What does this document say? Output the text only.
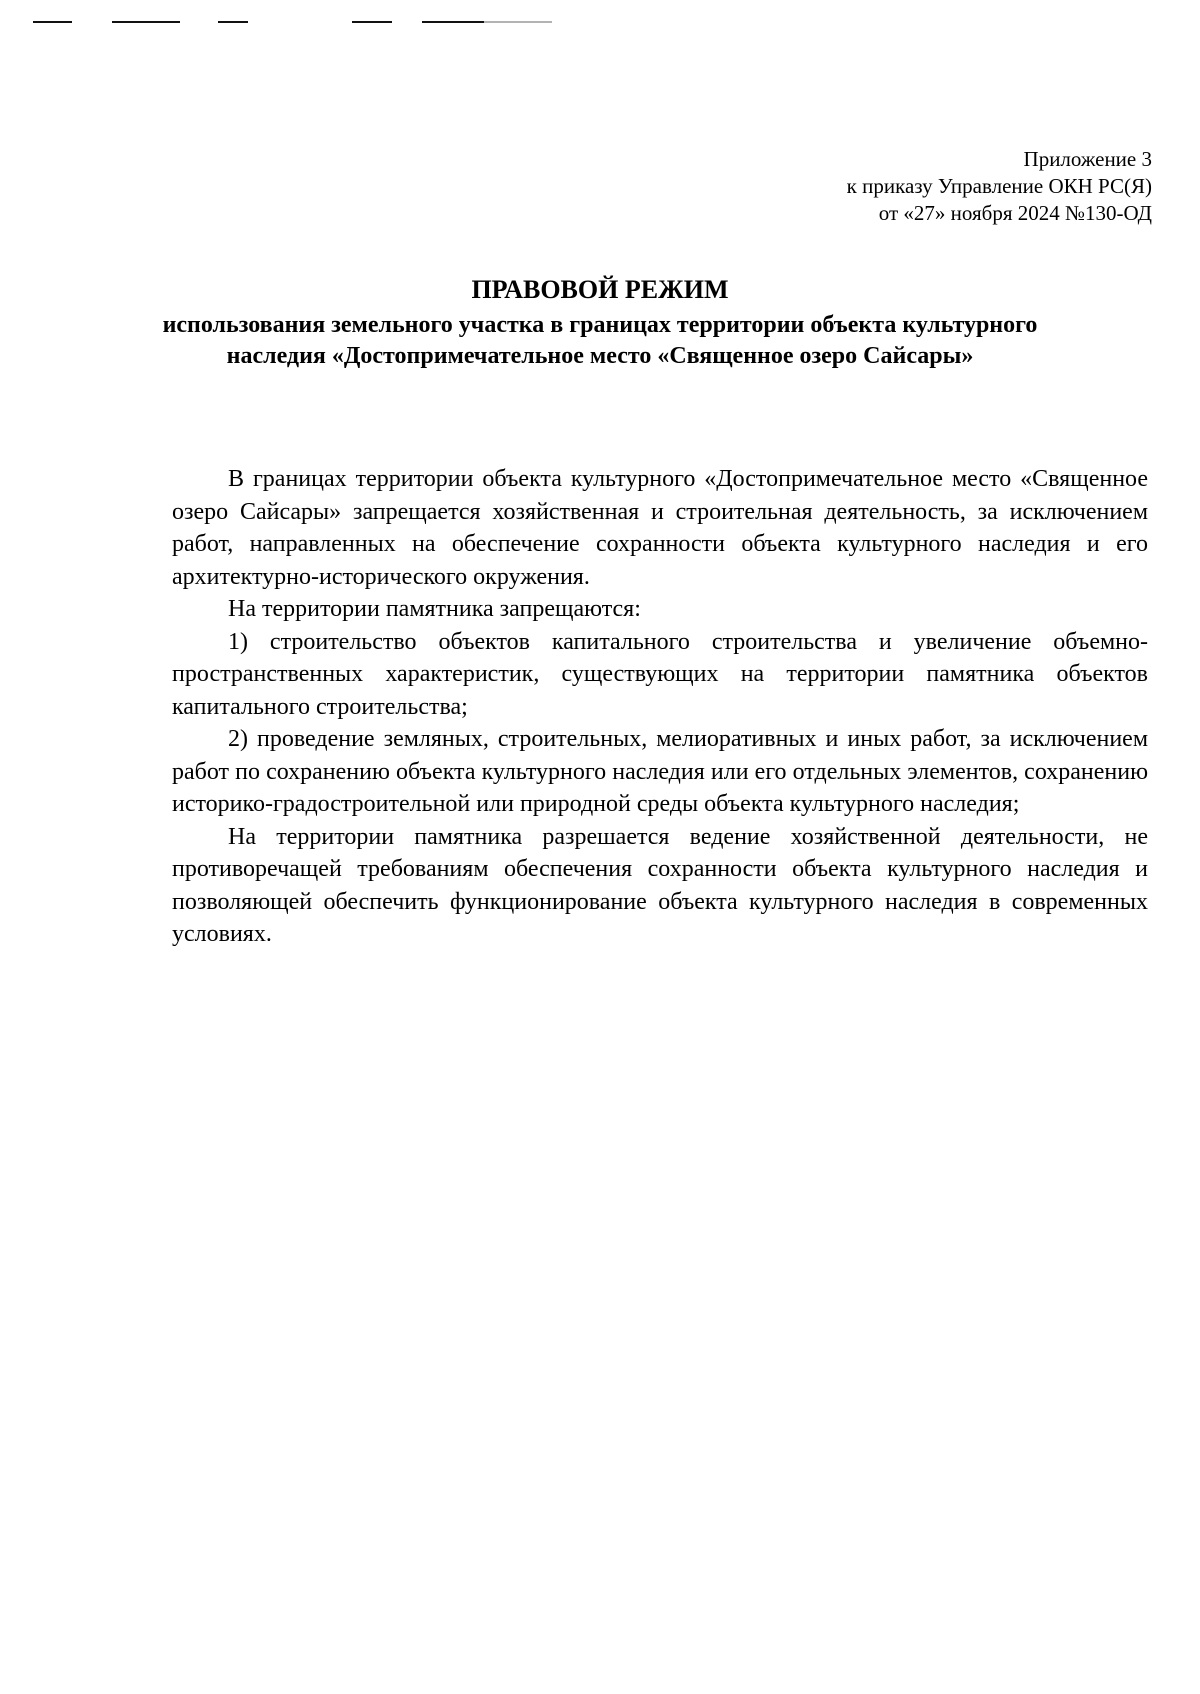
Приложение 3
к приказу Управление ОКН РС(Я)
от «27» ноября 2024 №130-ОД

ПРАВОВОЙ РЕЖИМ

использования земельного участка в границах территории объекта культурного наследия «Достопримечательное место «Священное озеро Сайсары»

В границах территории объекта культурного «Достопримечательное место «Священное озеро Сайсары» запрещается хозяйственная и строительная деятельность, за исключением работ, направленных на обеспечение сохранности объекта культурного наследия и его архитектурно-исторического окружения.

На территории памятника запрещаются:

1) строительство объектов капитального строительства и увеличение объемно-пространственных характеристик, существующих на территории памятника объектов капитального строительства;

2) проведение земляных, строительных, мелиоративных и иных работ, за исключением работ по сохранению объекта культурного наследия или его отдельных элементов, сохранению историко-градостроительной или природной среды объекта культурного наследия;

На территории памятника разрешается ведение хозяйственной деятельности, не противоречащей требованиям обеспечения сохранности объекта культурного наследия и позволяющей обеспечить функционирование объекта культурного наследия в современных условиях.
